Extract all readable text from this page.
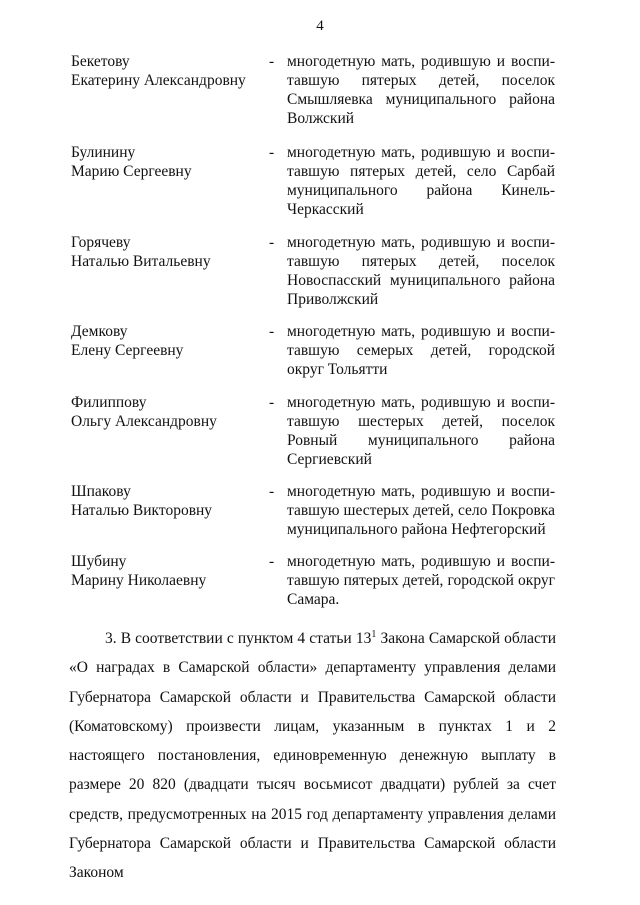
4
Бекетову
Екатерину Александровну
- многодетную мать, родившую и воспитавшую пятерых детей, поселок Смышляевка муниципального района Волжский
Булинину
Марию Сергеевну
- многодетную мать, родившую и воспитавшую пятерых детей, село Сарбай муниципального района Кинель-Черкасский
Горячеву
Наталью Витальевну
- многодетную мать, родившую и воспитавшую пятерых детей, поселок Новоспасский муниципального района Приволжский
Демкову
Елену Сергеевну
- многодетную мать, родившую и воспитавшую семерых детей, городской округ Тольятти
Филиппову
Ольгу Александровну
- многодетную мать, родившую и воспитавшую шестерых детей, поселок Ровный муниципального района Сергиевский
Шпакову
Наталью Викторовну
- многодетную мать, родившую и воспитавшую шестерых детей, село Покровка муниципального района Нефтегорский
Шубину
Марину Николаевну
- многодетную мать, родившую и воспитавшую пятерых детей, городской округ Самара.

3. В соответствии с пунктом 4 статьи $13^1$ Закона Самарской области «О наградах в Самарской области» департаменту управления делами Губернатора Самарской области и Правительства Самарской области (Коматовскому) произвести лицам, указанным в пунктах 1 и 2 настоящего постановления, единовременную денежную выплату в размере 20 820 (двадцати тысяч восьмисот двадцати) рублей за счет средств, предусмотренных на 2015 год департаменту управления делами Губернатора Самарской области и Правительства Самарской области Законом
